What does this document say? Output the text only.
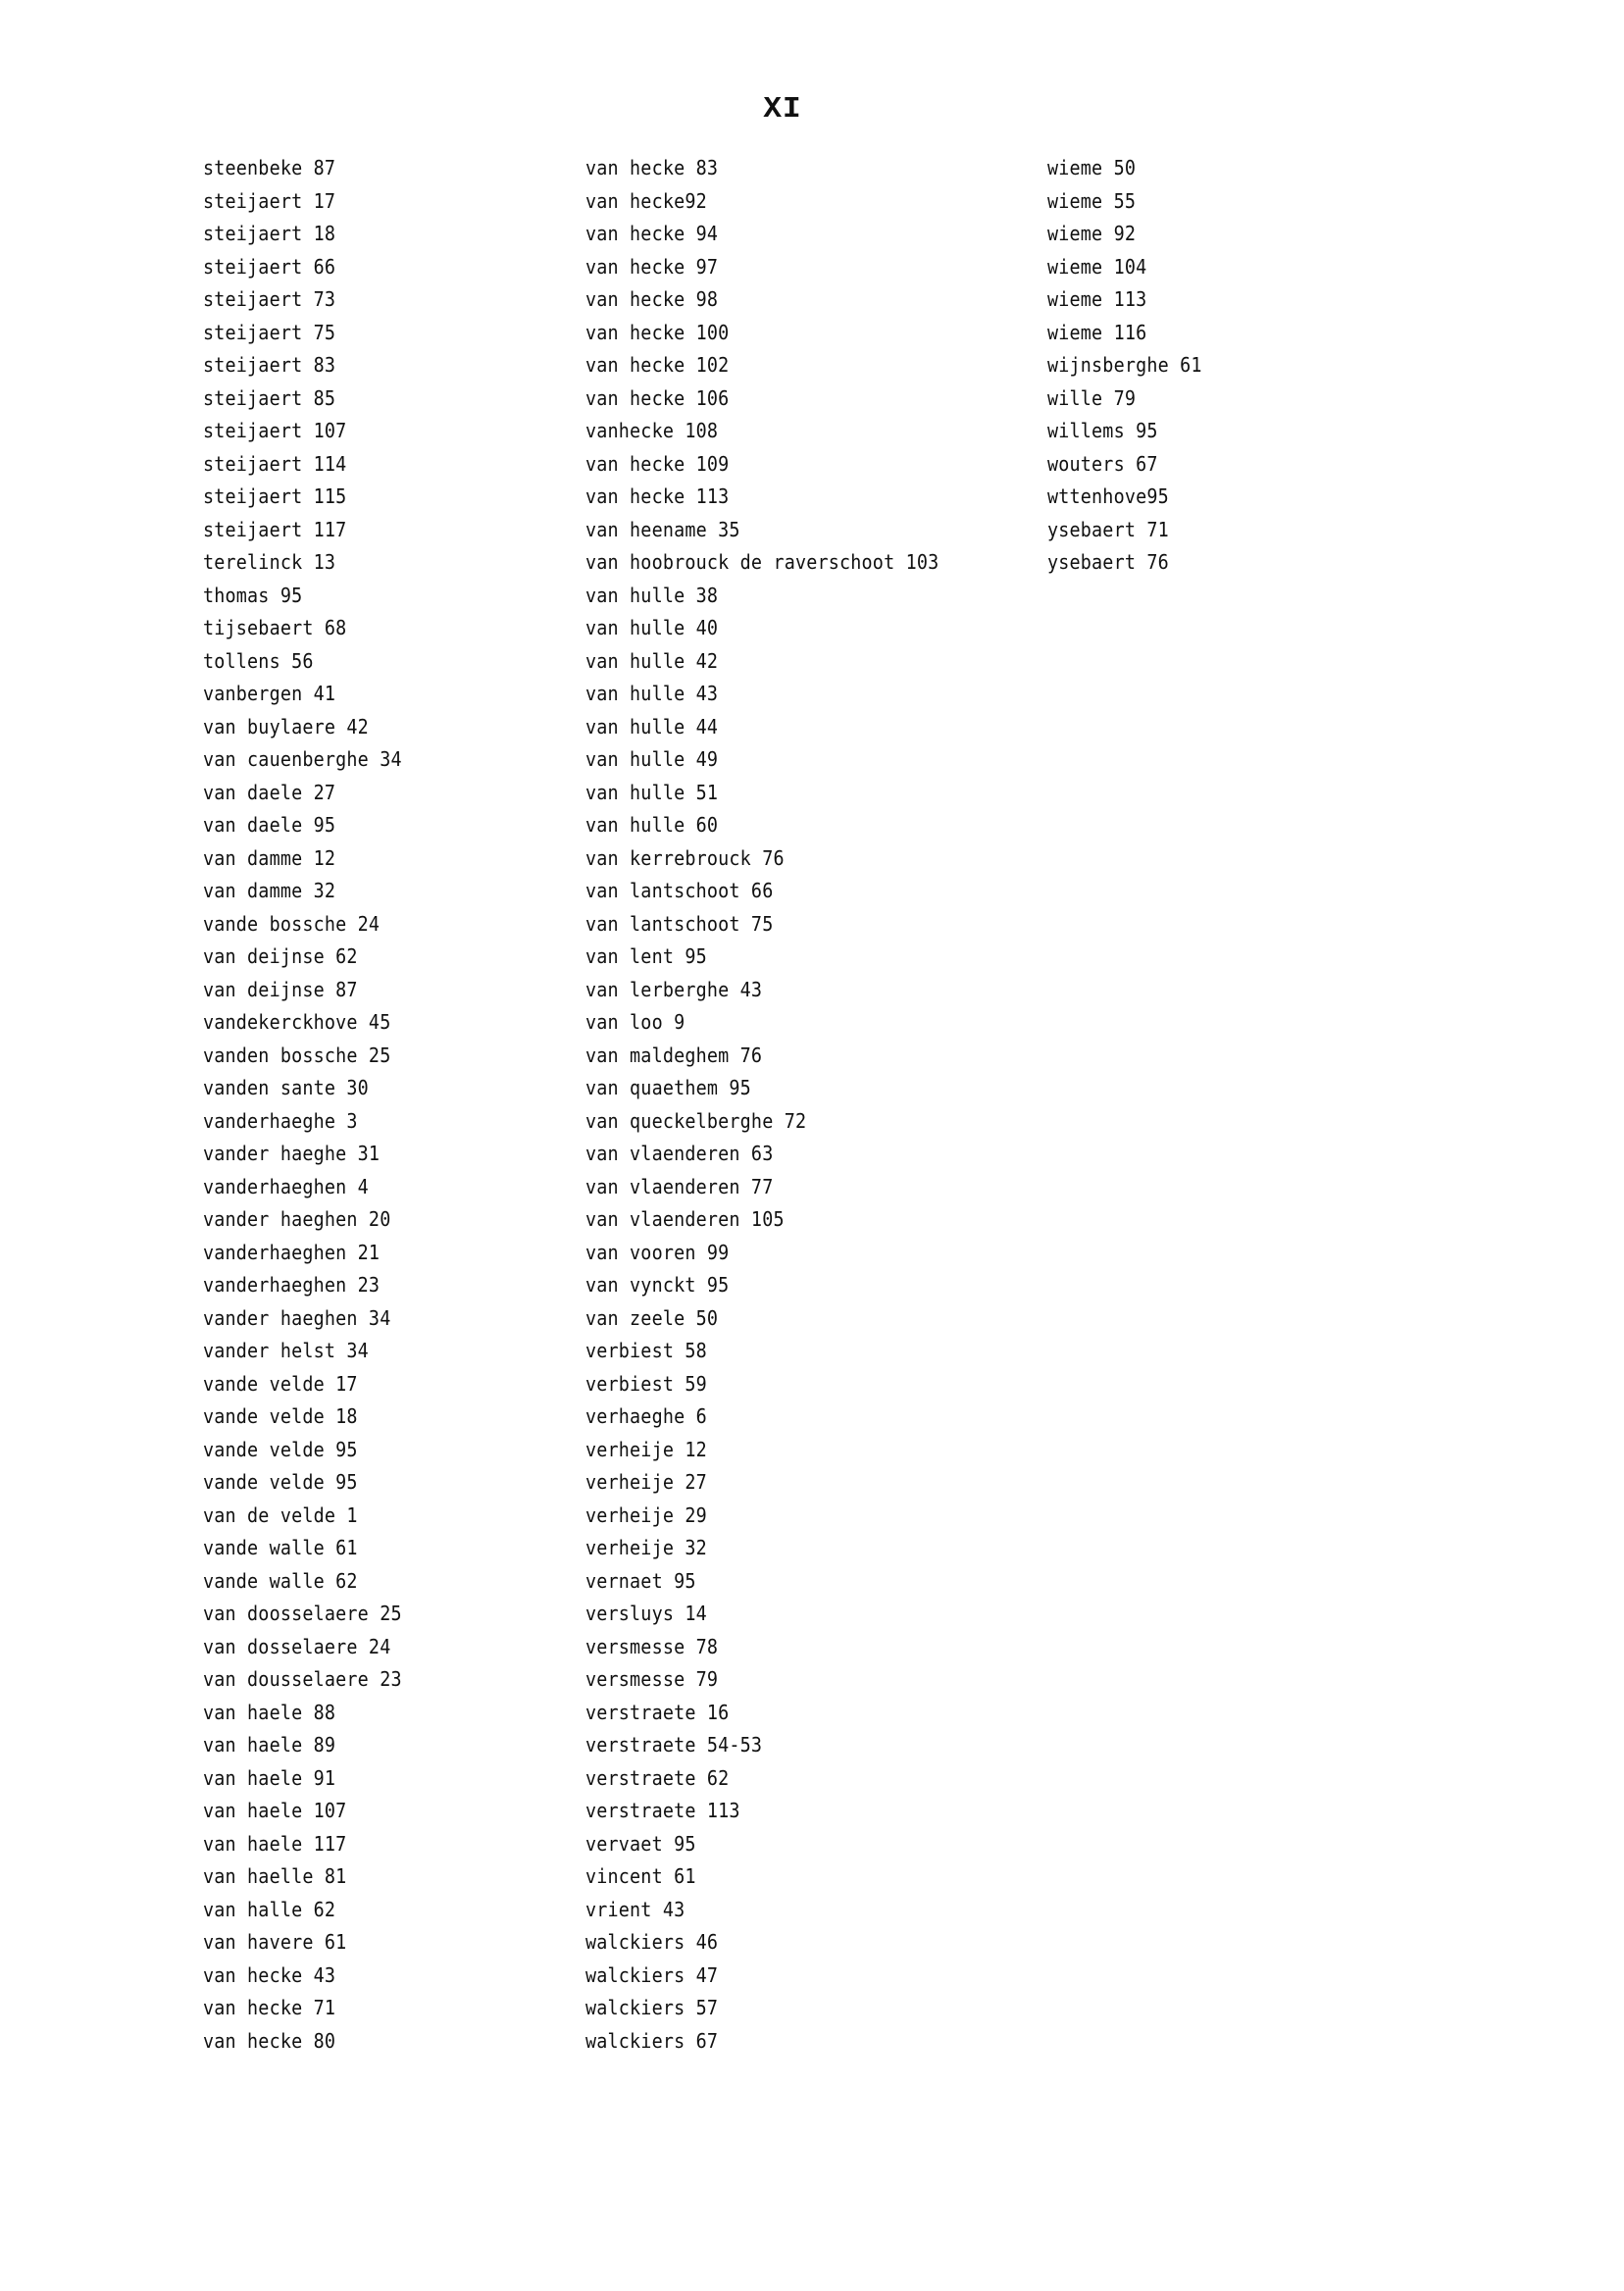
XI
steenbeke 87
steijaert 17
steijaert 18
steijaert 66
steijaert 73
steijaert 75
steijaert 83
steijaert 85
steijaert 107
steijaert 114
steijaert 115
steijaert 117
terelinck 13
thomas 95
tijsebaert 68
tollens 56
vanbergen 41
van buylaere 42
van cauenberghe 34
van daele 27
van daele 95
van damme 12
van damme 32
vande bossche 24
van deijnse 62
van deijnse 87
vandekerckhove 45
vanden bossche 25
vanden sante 30
vanderhaeghe 3
vander haeghe 31
vanderhaeghen 4
vander haeghen 20
vanderhaeghen 21
vanderhaeghen 23
vander haeghen 34
vander helst 34
vande velde 17
vande velde 18
vande velde 95
vande velde 95
van de velde 1
vande walle 61
vande walle 62
van doosselaere 25
van dosselaere 24
van dousselaere 23
van haele 88
van haele 89
van haele 91
van haele 107
van haele 117
van haelle 81
van halle 62
van havere 61
van hecke 43
van hecke 71
van hecke 80
van hecke 83
van hecke92
van hecke 94
van hecke 97
van hecke 98
van hecke 100
van hecke 102
van hecke 106
vanhecke 108
van hecke 109
van hecke 113
van heename 35
van hoobrouck de raverschoot 103
van hulle 38
van hulle 40
van hulle 42
van hulle 43
van hulle 44
van hulle 49
van hulle 51
van hulle 60
van kerrebrouck 76
van lantschoot 66
van lantschoot 75
van lent 95
van lerberghe 43
van loo 9
van maldeghem 76
van quaethem 95
van queckelberghe 72
van vlaenderen 63
van vlaenderen 77
van vlaenderen 105
van vooren 99
van vynckt 95
van zeele 50
verbiest 58
verbiest 59
verhaeghe 6
verheije 12
verheije 27
verheije 29
verheije 32
vernaet 95
versluys 14
versmesse 78
versmesse 79
verstraete 16
verstraete 54-53
verstraete 62
verstraete 113
vervaet 95
vincent 61
vrient 43
walckiers 46
walckiers 47
walckiers 57
walckiers 67
wieme 50
wieme 55
wieme 92
wieme 104
wieme 113
wieme 116
wijnsberghe 61
wille 79
willems 95
wouters 67
wttenhove95
ysebaert 71
ysebaert 76
